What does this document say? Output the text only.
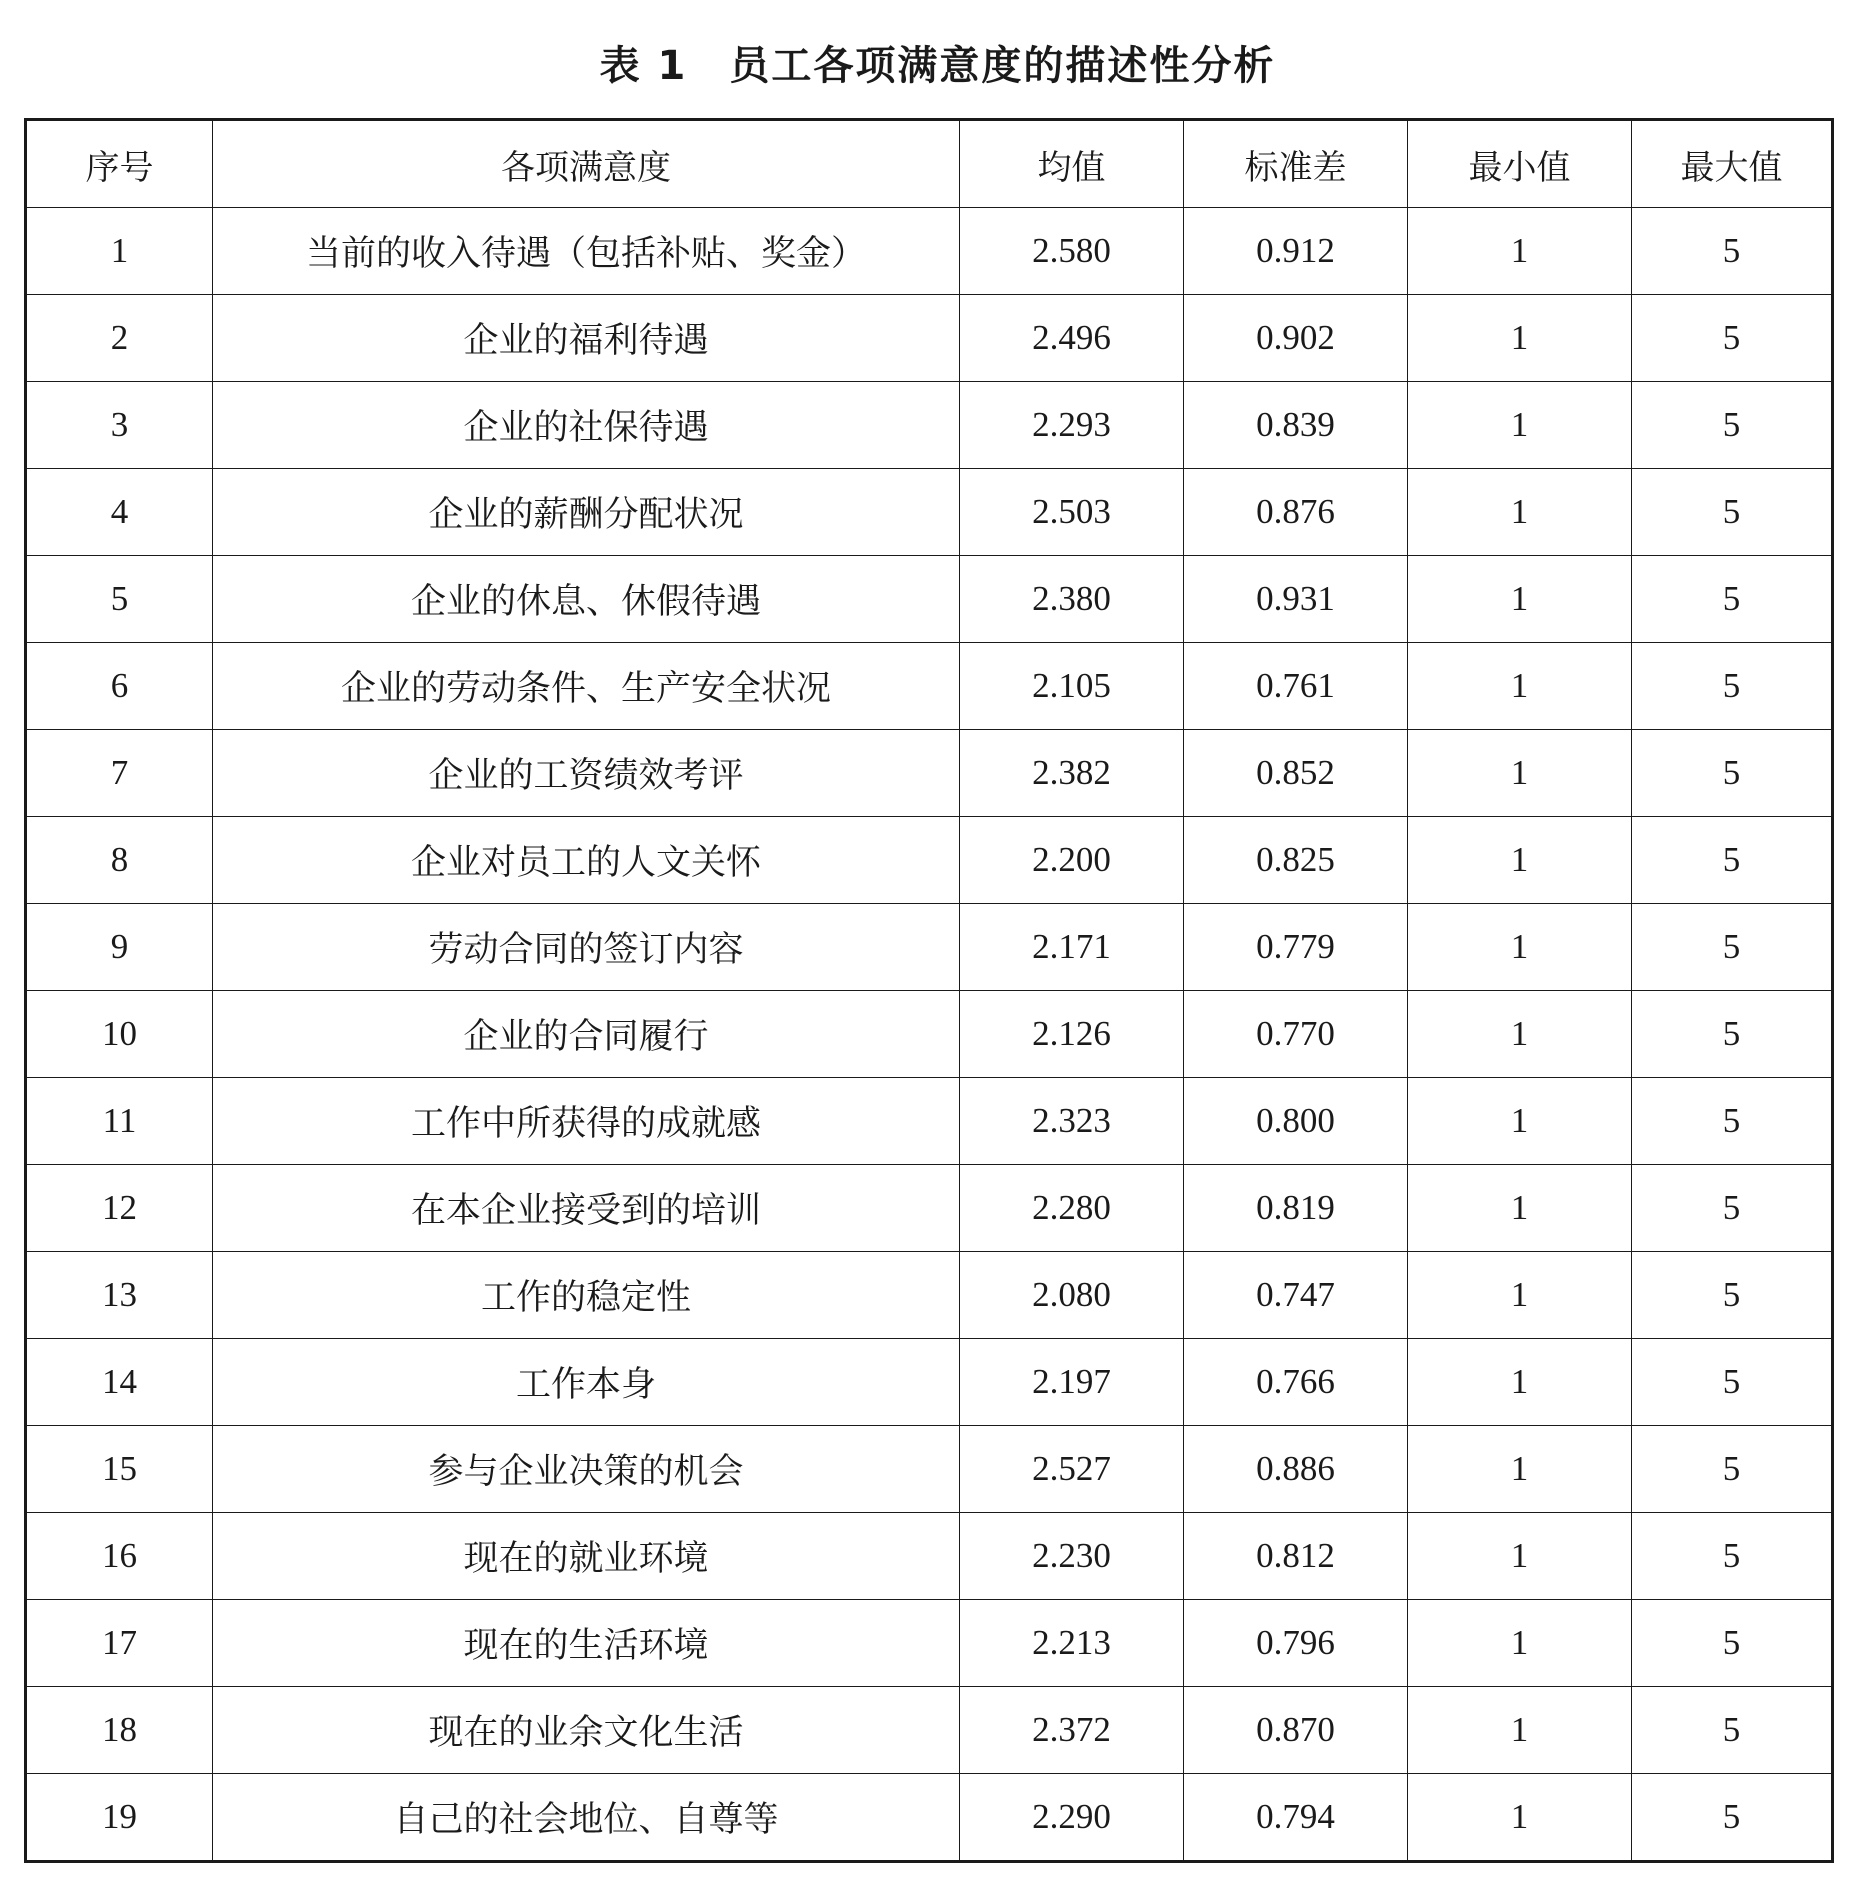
表 1　员工各项满意度的描述性分析
序号	各项满意度	均值	标准差	最小值	最大值
1	当前的收入待遇（包括补贴、奖金）	2.580	0.912	1	5
2	企业的福利待遇	2.496	0.902	1	5
3	企业的社保待遇	2.293	0.839	1	5
4	企业的薪酬分配状况	2.503	0.876	1	5
5	企业的休息、休假待遇	2.380	0.931	1	5
6	企业的劳动条件、生产安全状况	2.105	0.761	1	5
7	企业的工资绩效考评	2.382	0.852	1	5
8	企业对员工的人文关怀	2.200	0.825	1	5
9	劳动合同的签订内容	2.171	0.779	1	5
10	企业的合同履行	2.126	0.770	1	5
11	工作中所获得的成就感	2.323	0.800	1	5
12	在本企业接受到的培训	2.280	0.819	1	5
13	工作的稳定性	2.080	0.747	1	5
14	工作本身	2.197	0.766	1	5
15	参与企业决策的机会	2.527	0.886	1	5
16	现在的就业环境	2.230	0.812	1	5
17	现在的生活环境	2.213	0.796	1	5
18	现在的业余文化生活	2.372	0.870	1	5
19	自己的社会地位、自尊等	2.290	0.794	1	5
